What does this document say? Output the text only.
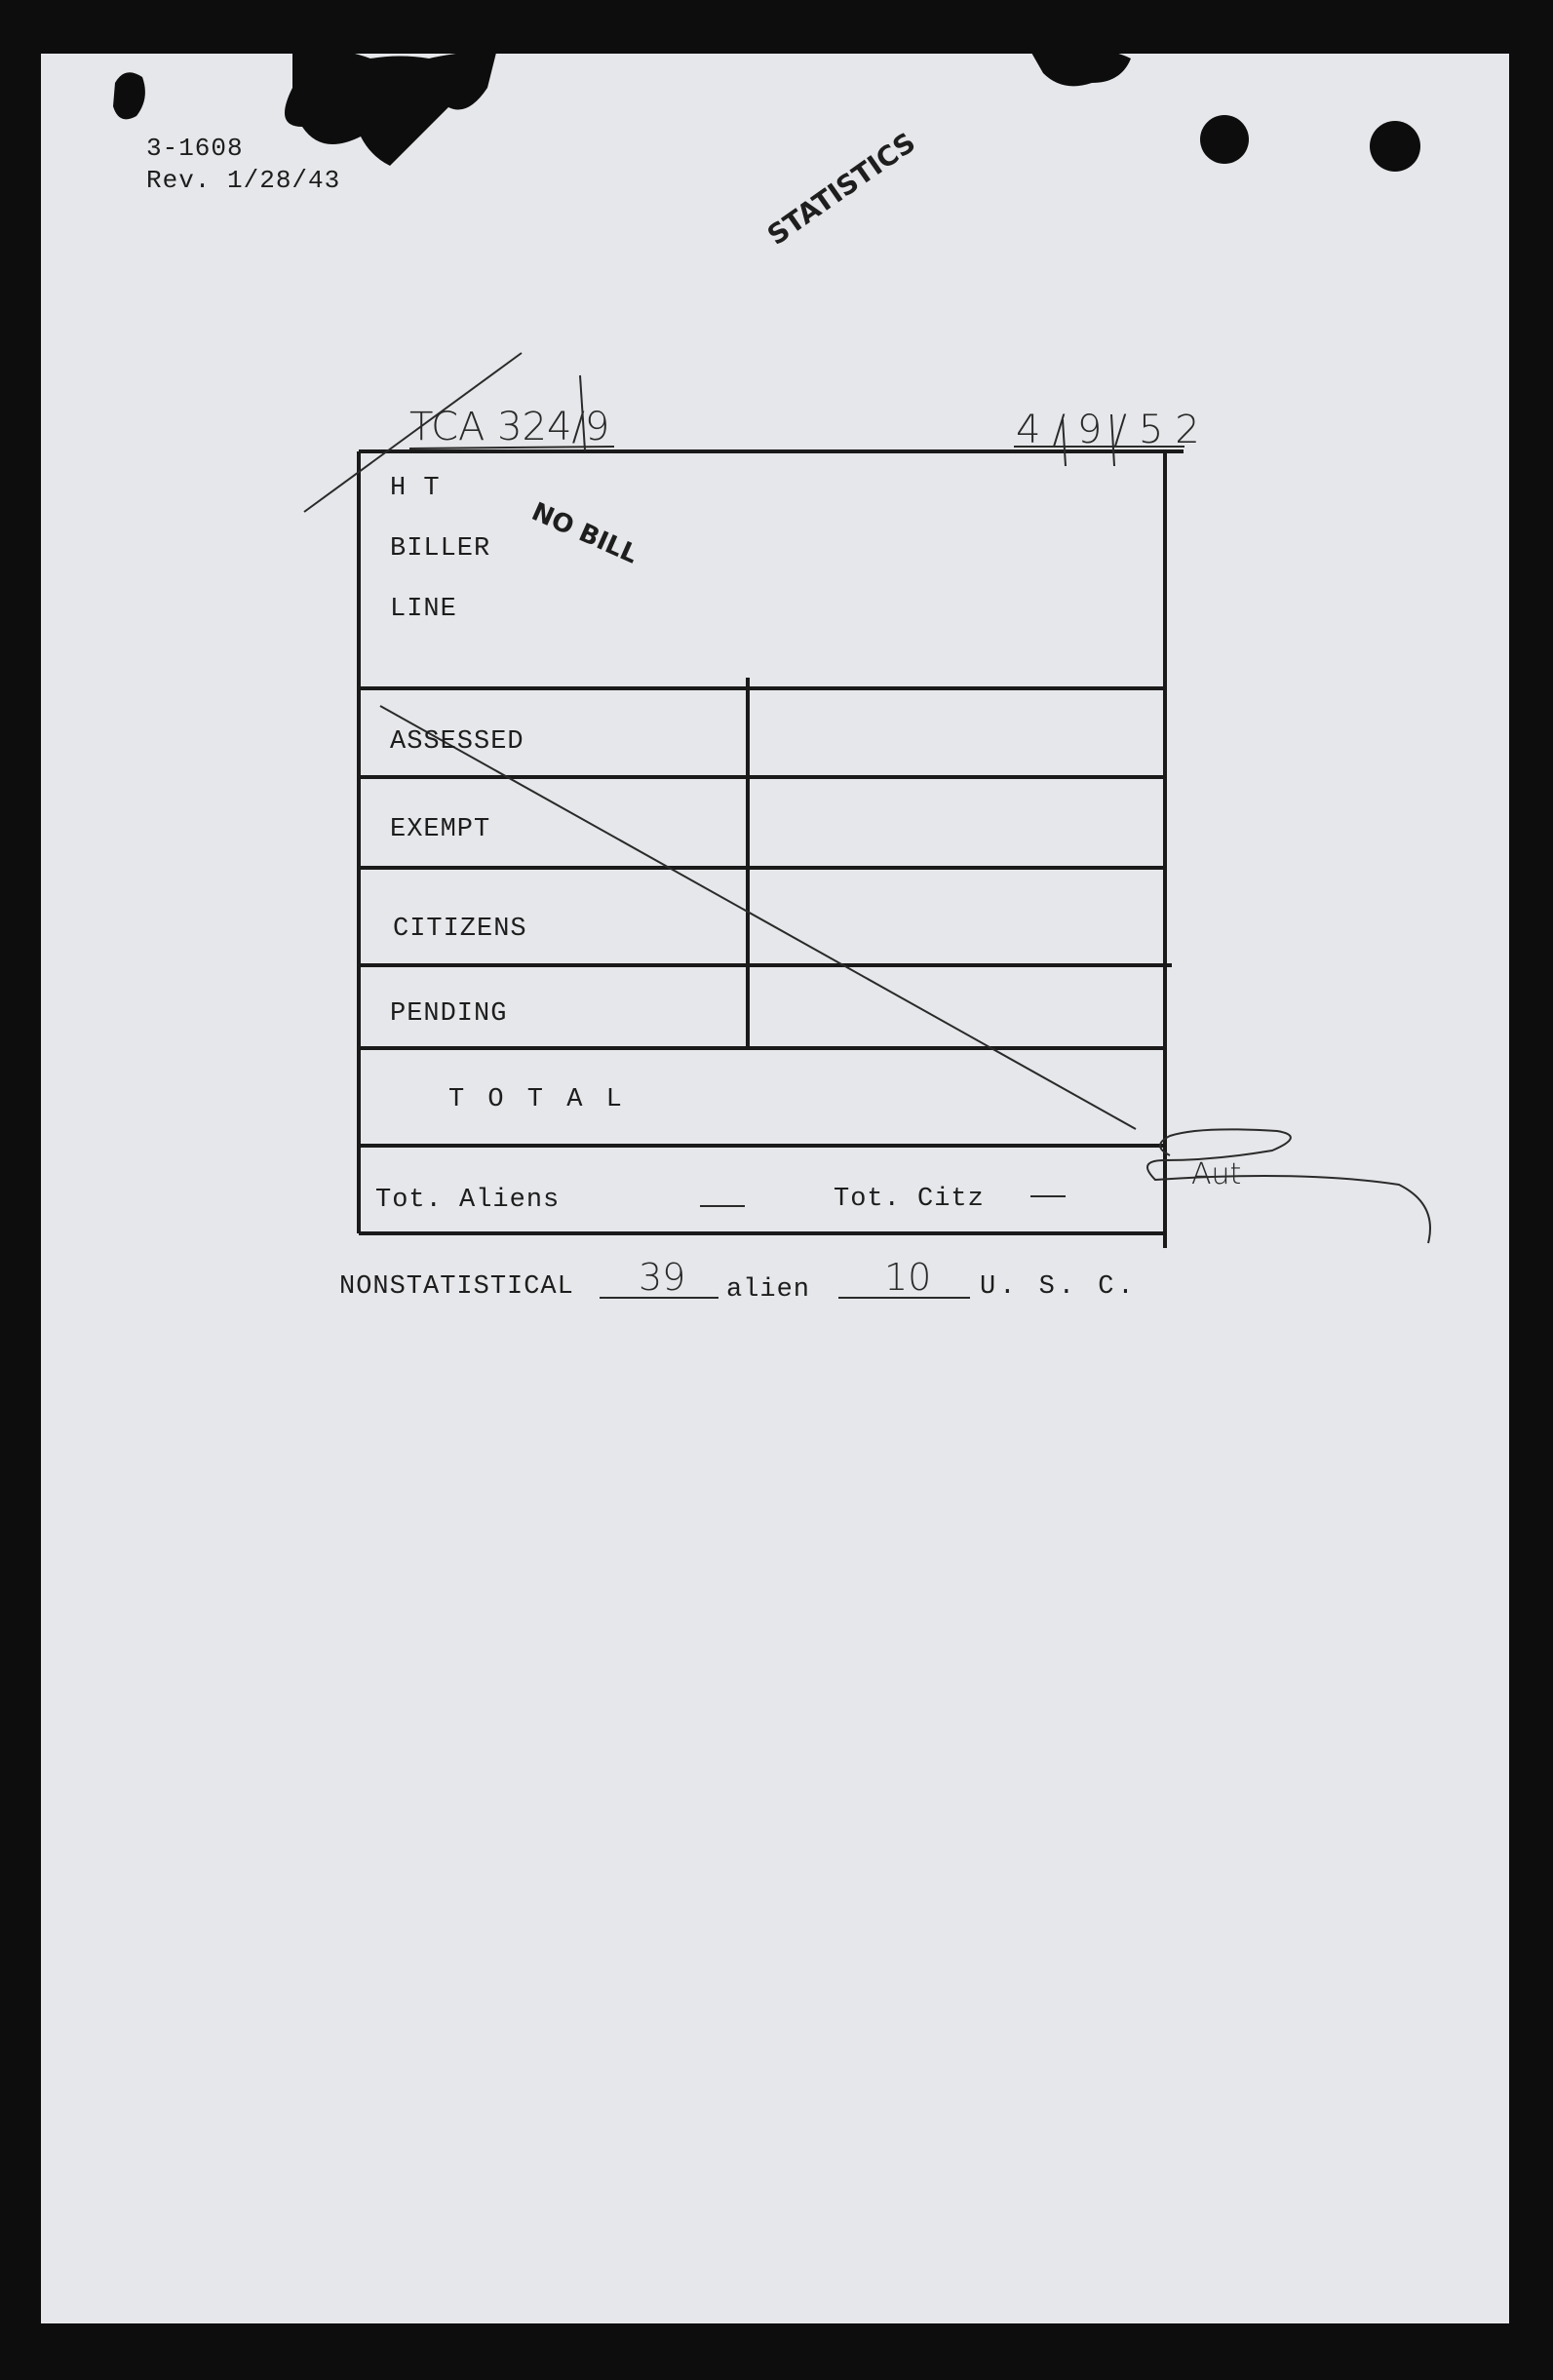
3-1608
Rev. 1/28/43	STATISTICS
TCA 324/9	4/9/52
H T
BILLER
LINE
NO BILL
ASSESSED
EXEMPT
CITIZENS
PENDING
T O T A L
Tot. Aliens	Tot. Citz
Aut
NONSTATISTICAL 39 alien 10 U. S. C.
